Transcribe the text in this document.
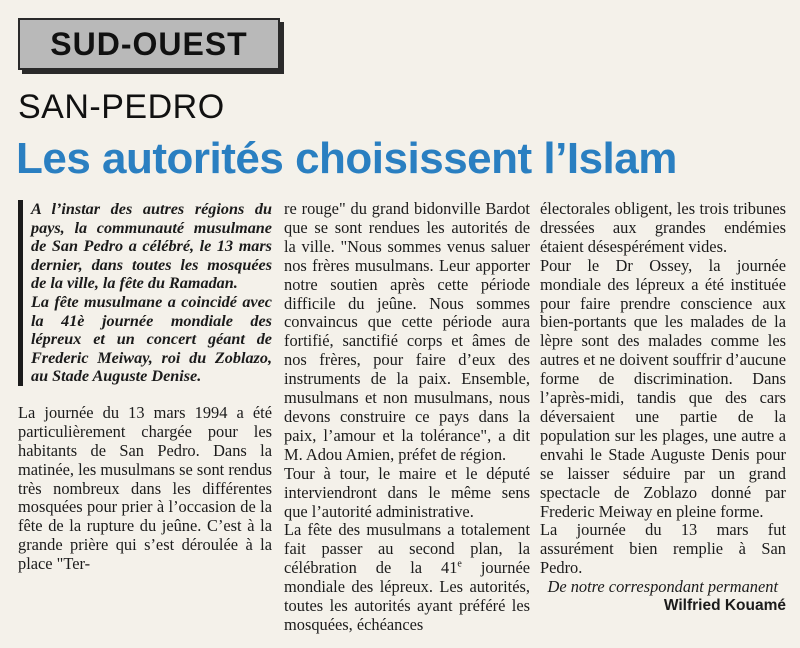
SUD-OUEST
SAN-PEDRO
Les autorités choisissent l’Islam

A l’instar des autres régions du pays, la communauté musulmane de San Pedro a célébré, le 13 mars dernier, dans toutes les mosquées de la ville, la fête du Ramadan.

La fête musulmane a coincidé avec la 41è journée mondiale des lépreux et un concert géant de Frederic Meiway, roi du Zoblazo, au Stade Auguste Denise.

La journée du 13 mars 1994 a été particulièrement chargée pour les habitants de San Pedro. Dans la matinée, les musulmans se sont rendus très nombreux dans les différentes mosquées pour prier à l’occasion de la fête de la rupture du jeûne. C’est à la grande prière qui s’est déroulée à la place "Ter-

re rouge" du grand bidonville Bardot que se sont rendues les autorités de la ville. "Nous sommes venus saluer nos frères musulmans. Leur apporter notre soutien après cette période difficile du jeûne. Nous sommes convaincus que cette période aura fortifié, sanctifié corps et âmes de nos frères, pour faire d’eux des instruments de la paix. Ensemble, musulmans et non musulmans, nous devons construire ce pays dans la paix, l’amour et la tolérance", a dit M. Adou Amien, préfet de région.

Tour à tour, le maire et le député interviendront dans le même sens que l’autorité administrative.

La fête des musulmans a totalement fait passer au second plan, la célébration de la 41e journée mondiale des lépreux. Les autorités, toutes les autorités ayant préféré les mosquées, échéances

électorales obligent, les trois tribunes dressées aux grandes endémies étaient désespérément vides.

Pour le Dr Ossey, la journée mondiale des lépreux a été instituée pour faire prendre conscience aux bien-portants que les malades de la lèpre sont des malades comme les autres et ne doivent souffrir d’aucune forme de discrimination. Dans l’après-midi, tandis que des cars déversaient une partie de la population sur les plages, une autre a envahi le Stade Auguste Denis pour se laisser séduire par un grand spectacle de Zoblazo donné par Frederic Meiway en pleine forme.

La journée du 13 mars fut assurément bien remplie à San Pedro.

De notre correspondant permanent

Wilfried Kouamé
